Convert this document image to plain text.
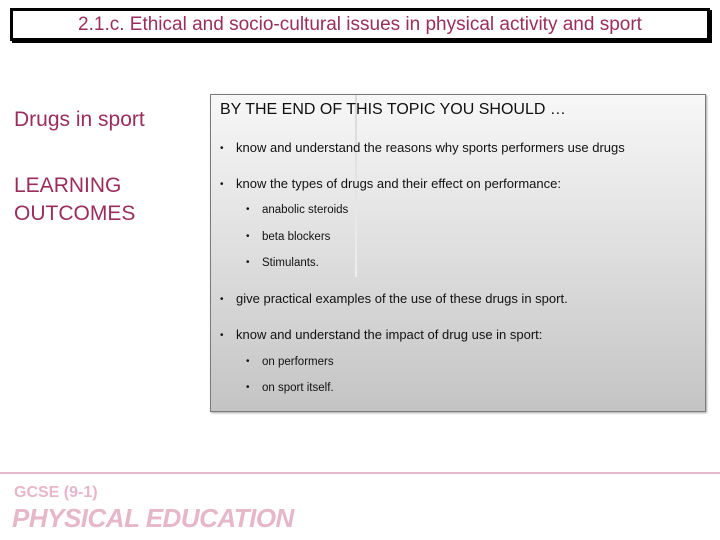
2.1.c. Ethical and socio-cultural issues in physical activity and sport
Drugs in sport
LEARNING OUTCOMES
BY THE END OF THIS TOPIC YOU SHOULD …
• know and understand the reasons why sports performers use drugs
• know the types of drugs and their effect on performance:
• anabolic steroids
• beta blockers
• Stimulants.
• give practical examples of the use of these drugs in sport.
• know and understand the impact of drug use in sport:
• on performers
• on sport itself.
GCSE (9-1)
PHYSICAL EDUCATION
